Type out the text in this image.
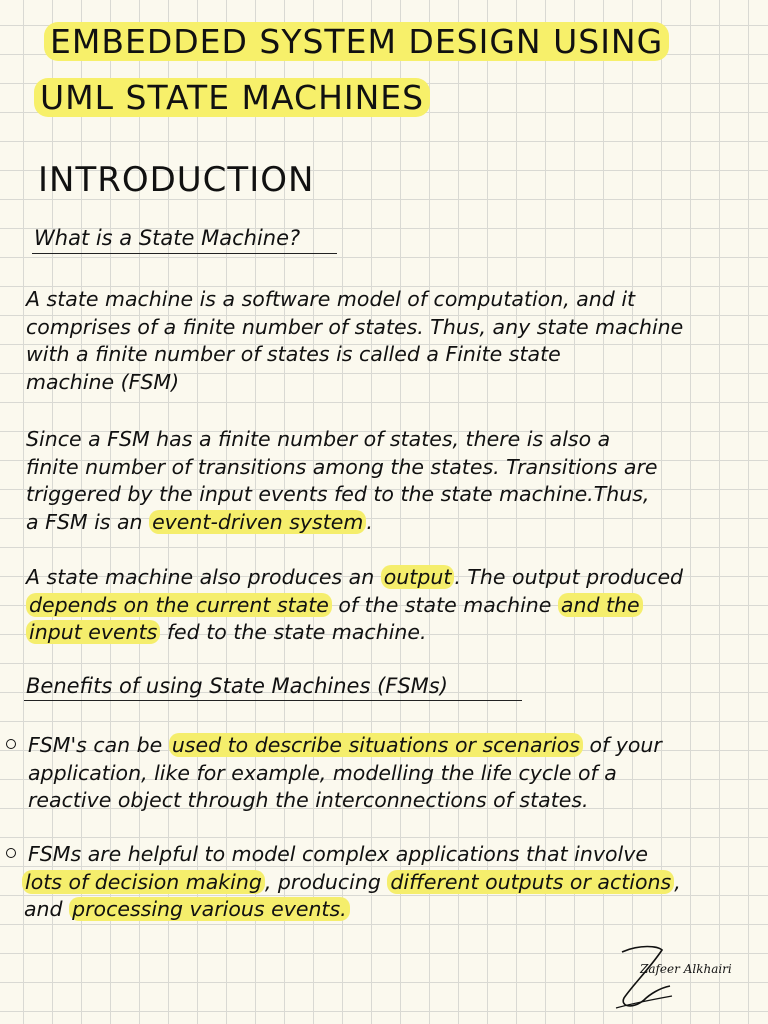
EMBEDDED SYSTEM DESIGN USING
UML STATE MACHINES
INTRODUCTION
What is a State Machine?

A state machine is a software model of computation, and it

comprises of a finite number of states. Thus, any state machine

with a finite number of states is called a Finite state

machine (FSM)

Since a FSM has a finite number of states, there is also a

finite number of transitions among the states. Transitions are

triggered by the input events fed to the state machine.Thus,

a FSM is an event-driven system .

A state machine also produces an output . The output produced

depends on the current state of the state machine and the

input events fed to the state machine.

Benefits of using State Machines (FSMs)

FSM's can be used to describe situations or scenarios of your

application, like for example, modelling the life cycle of a

reactive object through the interconnections of states.

FSMs are helpful to model complex applications that involve

lots of decision making , producing different outputs or actions ,

and processing various events.

Zafeer Alkhairi
